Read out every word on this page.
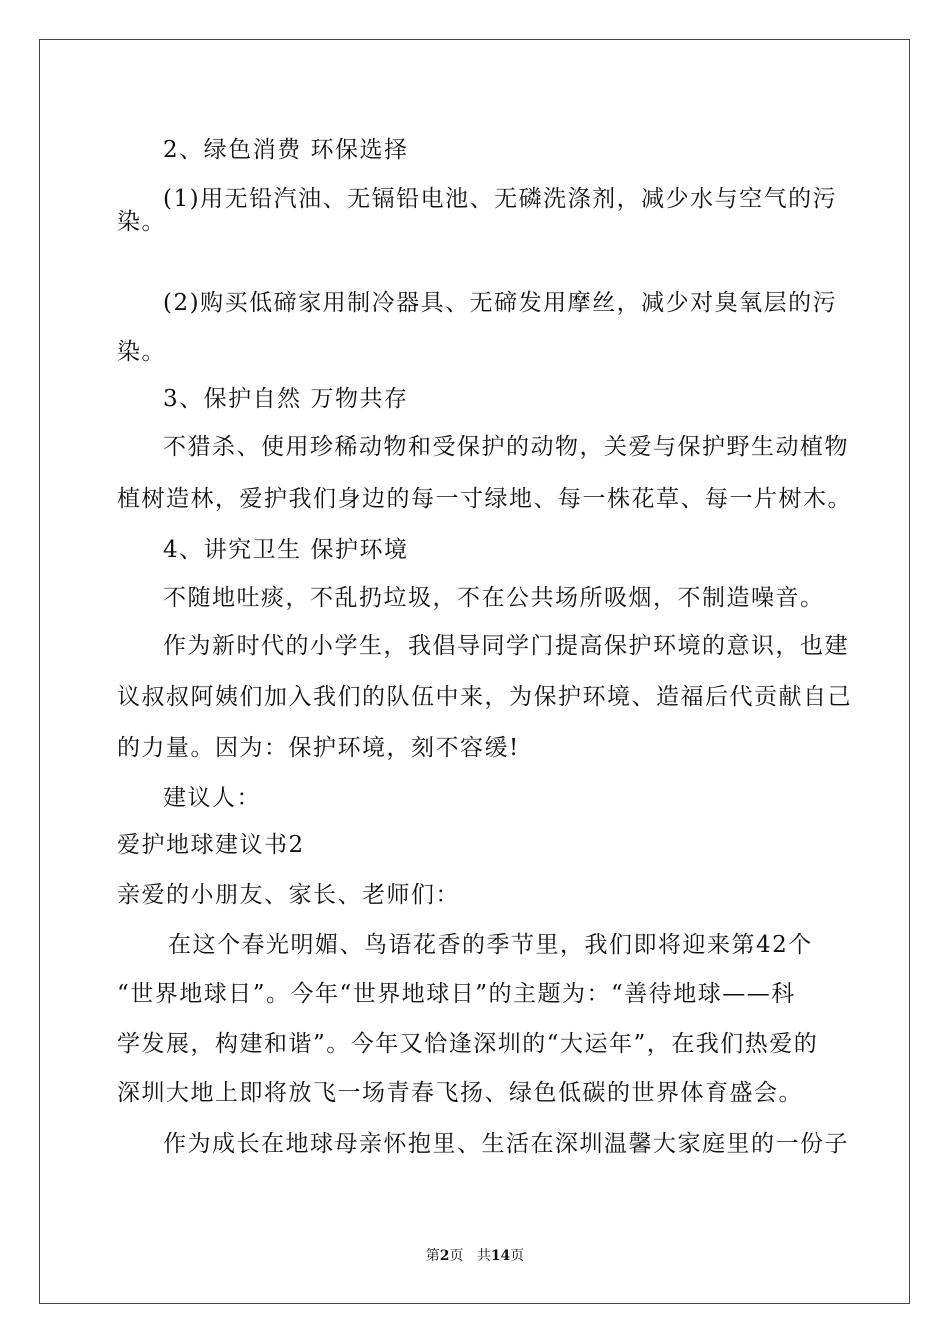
2、绿色消费 环保选择
(1)用无铅汽油、无镉铅电池、无磷洗涤剂，减少水与空气的污
染。
(2)购买低碲家用制冷器具、无碲发用摩丝，减少对臭氧层的污
染。
3、保护自然 万物共存
不猎杀、使用珍稀动物和受保护的动物，关爱与保护野生动植物
植树造林，爱护我们身边的每一寸绿地、每一株花草、每一片树木。
4、讲究卫生 保护环境
不随地吐痰，不乱扔垃圾，不在公共场所吸烟，不制造噪音。
作为新时代的小学生，我倡导同学门提高保护环境的意识，也建
议叔叔阿姨们加入我们的队伍中来，为保护环境、造福后代贡献自己
的力量。因为：保护环境，刻不容缓!
建议人：
爱护地球建议书2
亲爱的小朋友、家长、老师们：
在这个春光明媚、鸟语花香的季节里，我们即将迎来第42个
“世界地球日”。今年“世界地球日”的主题为：“善待地球——科
学发展，构建和谐”。今年又恰逢深圳的“大运年”，在我们热爱的
深圳大地上即将放飞一场青春飞扬、绿色低碳的世界体育盛会。
作为成长在地球母亲怀抱里、生活在深圳温馨大家庭里的一份子
第2页 共14页
